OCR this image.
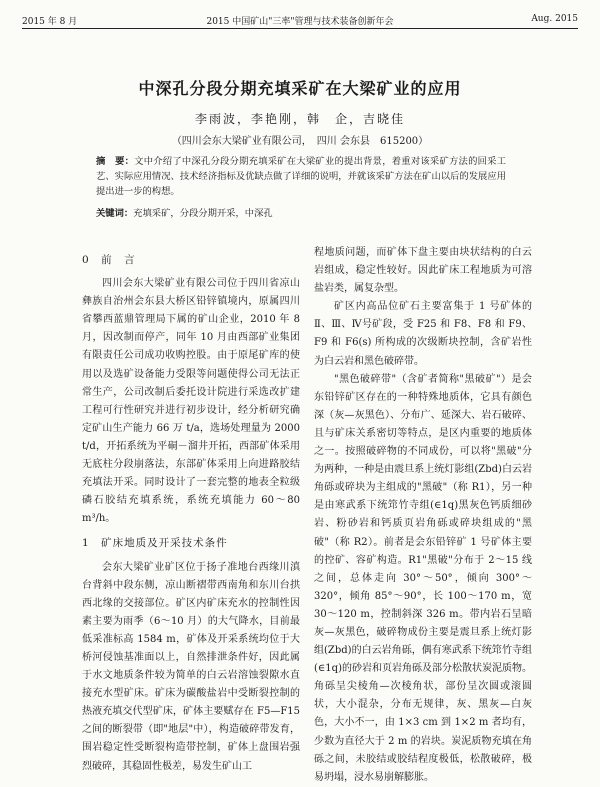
2015 年 8 月	2015 中国矿山"三率"管理与技术装备创新年会	Aug. 2015
中深孔分段分期充填采矿在大梁矿业的应用
李雨波，李艳刚，韩　企，吉晓佳
（四川会东大梁矿业有限公司，　四川 会东县　615200）
摘　要：文中介绍了中深孔分段分期充填采矿在大梁矿业的提出背景，着重对该采矿方法的回采工艺、实际应用情况、技术经济指标及优缺点做了详细的说明，并就该采矿方法在矿山以后的发展应用提出进一步的构想。
关键词：充填采矿，分段分期开采，中深孔
0　前　言

四川会东大梁矿业有限公司位于四川省凉山彝族自治州会东县大桥区铅锌镇境内，原属四川省攀西蓝鼎管理局下属的矿山企业，2010 年 8 月，因改制而停产，同年 10 月由西部矿业集团有限责任公司成功收购控股。由于原尾矿库的使用以及选矿设备能力受限等问题使得公司无法正常生产，公司改制后委托设计院进行采选改扩建工程可行性研究并进行初步设计，经分析研究确定矿山生产能力 66 万 t/a，选场处理量为 2000 t/d，开拓系统为平硐－溜井开拓，西部矿体采用无底柱分段崩落法，东部矿体采用上向进路胶结充填法开采。同时设计了一套完整的地表全粒级磷石胶结充填系统，系统充填能力 60～80 m³/h。

1　矿床地质及开采技术条件

会东大梁矿业矿区位于扬子准地台西缘川滇台背斜中段东侧，凉山断褶带西南角和东川台拱西北缘的交接部位。矿区内矿床充水的控制性因素主要为雨季（6～10 月）的大气降水，目前最低采准标高 1584 m，矿体及开采系统均位于大桥河侵蚀基准面以上，自然排泄条件好，因此属于水文地质条件较为简单的白云岩溶蚀裂隙水直接充水型矿床。矿床为碳酸盐岩中受断裂控制的热液充填交代型矿床，矿体主要赋存在 F5—F15 之间的断裂带（即"地层"中），构造破碎带发育，围岩稳定性受断裂构造带控制，矿体上盘围岩强烈破碎，其稳固性极差，易发生矿山工

程地质问题，而矿体下盘主要由块状结构的白云岩组成，稳定性较好。因此矿床工程地质为可溶盐岩类，属复杂型。

矿区内高品位矿石主要富集于 1 号矿体的 Ⅱ、Ⅲ、Ⅳ号矿段，受 F25 和 F8、F8 和 F9、F9 和 F6(s) 所构成的次级断块控制，含矿岩性为白云岩和黑色破碎带。

"黑色破碎带"（含矿者简称"黑破矿"）是会东铅锌矿区存在的一种特殊地质体，它具有颜色深（灰—灰黑色）、分布广、延深大、岩石破碎、且与矿床关系密切等特点，是区内重要的地质体之一。按照破碎物的不同成份，可以将"黑破"分为两种，一种是由震旦系上统灯影组(Zbd)白云岩角砾或碎块为主组成的"黑破"（称 R1），另一种是由寒武系下统筇竹寺组(∈1q)黑灰色钙质细砂岩、粉砂岩和钙质页岩角砾或碎块组成的"黑破"（称 R2）。前者是会东铅锌矿 1 号矿体主要的控矿、容矿构造。R1"黑破"分布于 2～15 线之间，总体走向 30°～50°，倾向 300°～320°，倾角 85°～90°，长 100～170 m，宽 30～120 m，控制斜深 326 m。带内岩石呈暗灰—灰黑色，破碎物成份主要是震旦系上统灯影组(Zbd)的白云岩角砾，偶有寒武系下统筇竹寺组(∈1q)的砂岩和页岩角砾及部分松散状炭泥质物。角砾呈尖棱角—次棱角状，部份呈次圆或滚圆状，大小混杂，分布无规律，灰、黑灰—白灰色，大小不一，由 1×3 cm 到 1×2 m 者均有，少数为直径大于 2 m 的岩块。炭泥质物充填在角砾之间，未胶结或胶结程度极低，松散破碎，极易坍塌，浸水易崩解膨胀。
